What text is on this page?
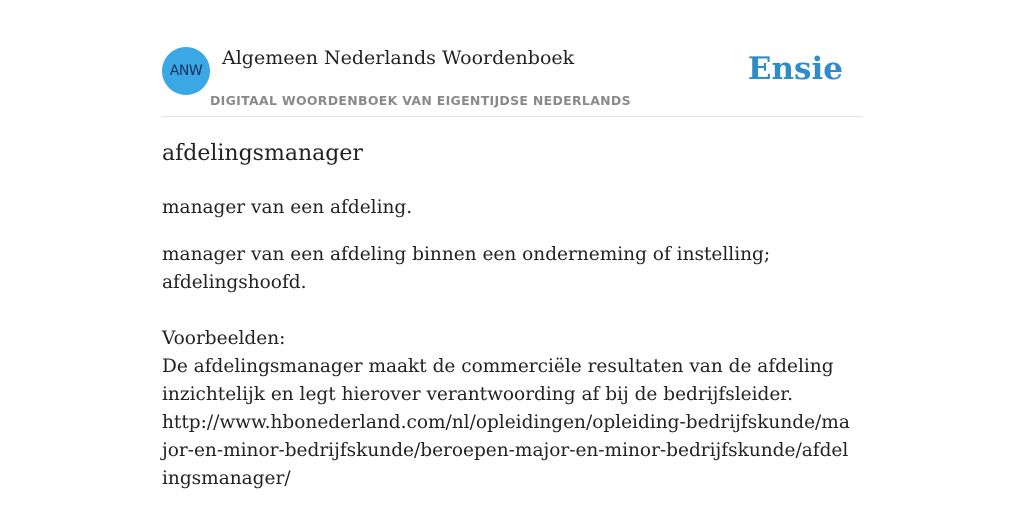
ANW
Algemeen Nederlands Woordenboek
DIGITAAL WOORDENBOEK VAN EIGENTIJDSE NEDERLANDS
Ensie
afdelingsmanager

manager van een afdeling.

manager van een afdeling binnen een onderneming of instelling; afdelingshoofd.

Voorbeelden:
De afdelingsmanager maakt de commerciële resultaten van de afdeling inzichtelijk en legt hierover verantwoording af bij de bedrijfsleider.
http://www.hbonederland.com/nl/opleidingen/opleiding-bedrijfskunde/major-en-minor-bedrijfskunde/beroepen-major-en-minor-bedrijfskunde/afdelingsmanager/
